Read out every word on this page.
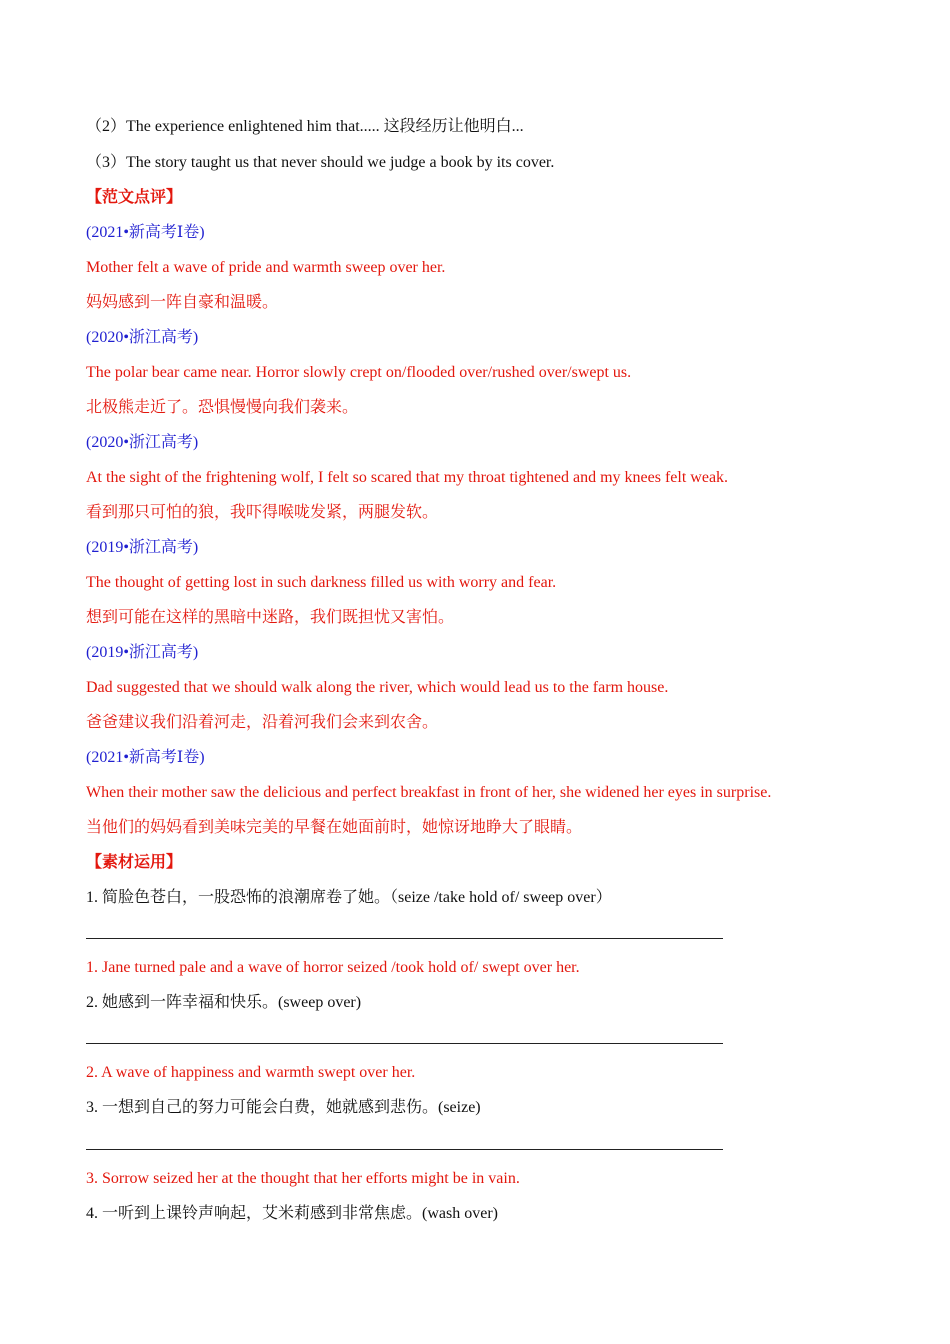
（2）The experience enlightened him that..... 这段经历让他明白...
（3）The story taught us that never should we judge a book by its cover.
【范文点评】
(2021•新高考Ⅰ卷)
Mother felt a wave of pride and warmth sweep over her.
妈妈感到一阵自豪和温暖。
(2020•浙江高考)
The polar bear came near. Horror slowly crept on/flooded over/rushed over/swept us.
北极熊走近了。恐惧慢慢向我们袭来。
(2020•浙江高考)
At the sight of the frightening wolf, I felt so scared that my throat tightened and my knees felt weak.
看到那只可怕的狼，我吓得喉咙发紧，两腿发软。
(2019•浙江高考)
The thought of getting lost in such darkness filled us with worry and fear.
想到可能在这样的黑暗中迷路，我们既担忧又害怕。
(2019•浙江高考)
Dad suggested that we should walk along the river, which would lead us to the farm house.
爸爸建议我们沿着河走，沿着河我们会来到农舍。
(2021•新高考Ⅰ卷)
When their mother saw the delicious and perfect breakfast in front of her, she widened her eyes in surprise.
当他们的妈妈看到美味完美的早餐在她面前时，她惊讶地睁大了眼睛。
【素材运用】
1. 简脸色苍白，一股恐怖的浪潮席卷了她。（seize /take hold of/ sweep over）
1. Jane turned pale and a wave of horror seized /took hold of/ swept over her.
2. 她感到一阵幸福和快乐。(sweep over)
2. A wave of happiness and warmth swept over her.
3. 一想到自己的努力可能会白费，她就感到悲伤。(seize)
3. Sorrow seized her at the thought that her efforts might be in vain.
4. 一听到上课铃声响起，艾米莉感到非常焦虑。(wash over)
